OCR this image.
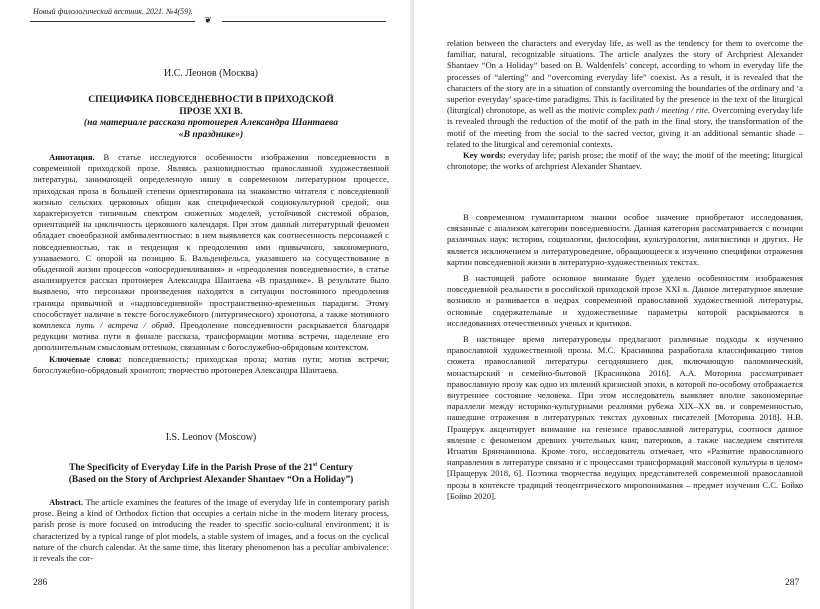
Новый филологический вестник. 2021. №4(59).
❦
И.С. Леонов (Москва)
СПЕЦИФИКА ПОВСЕДНЕВНОСТИ В ПРИХОДСКОЙ
ПРОЗЕ XXI В.
(на материале рассказа протоиерея Александра Шантаева
«В празднике»)

Аннотация. В статье исследуются особенности изображения повседневности в современной приходской прозе. Являясь разновидностью православной художественной литературы, занимающей определенную нишу в современном литературном процессе, приходская проза в большей степени ориентирована на знакомство читателя с повседневной жизнью сельских церковных общин как специфической социокультурной средой; она характеризуется типичным спектром сюжетных моделей, устойчивой системой образов, ориентацией на цикличность церковного календаря. При этом данный литературный феномен обладает своеобразной амбивалентностью: в нем выявляется как соотнесенность персонажей с повседневностью, так и тенденция к преодолению ими привычного, закономерного, узнаваемого. С опорой на позицию Б. Вальденфельса, указавшего на сосуществование в обыденной жизни процессов «опосредневливания» и «преодоления повседневности», в статье анализируется рассказ протоиерея Александра Шантаева «В празднике». В результате было выявлено, что персонажи произведения находятся в ситуации постоянного преодоления границы привычной и «надповседневной» пространственно-временных парадигм. Этому способствует наличие в тексте богослужебного (литургического) хронотопа, а также мотивного комплекса путь / встреча / обряд. Преодоление повседневности раскрывается благодаря редукции мотива пути в финале рассказа, трансформации мотива встречи, наделение его дополнительным смысловым оттенком, связанным с богослужебно-обрядовым контекстом.

Ключевые слова: повседневность; приходская проза; мотив пути; мотив встречи; богослужебно-обрядовый хронотоп; творчество протоиерея Александра Шантаева.

I.S. Leonov (Moscow)
The Specificity of Everyday Life in the Parish Prose of the 21st Century
(Based on the Story of Archpriest Alexander Shantaev “On a Holiday”)

Abstract. The article examines the features of the image of everyday life in contemporary parish prose. Being a kind of Orthodox fiction that occupies a certain niche in the modern literary process, parish prose is more focused on introducing the reader to specific socio-cultural environment; it is characterized by a typical range of plot models, a stable system of images, and a focus on the cyclical nature of the church calendar. At the same time, this literary phenomenon has a peculiar ambivalence: it reveals the cor-

286

relation between the characters and everyday life, as well as the tendency for them to overcome the familiar, natural, recognizable situations. The article analyzes the story of Archpriest Alexander Shantaev “On a Holiday” based on B. Waldenfels’ concept, according to whom in everyday life the processes of “alerting” and “overcoming everyday life” coexist. As a result, it is revealed that the characters of the story are in a situation of constantly overcoming the boundaries of the ordinary and ‘a superior everyday’ space-time paradigms. This is facilitated by the presence in the text of the liturgical (liturgical) chronotope, as well as the motivic complex path / meeting / rite. Overcoming everyday life is revealed through the reduction of the motif of the path in the final story, the transformation of the motif of the meeting from the social to the sacred vector, giving it an additional semantic shade – related to the liturgical and ceremonial contexts.

Key words: everyday life; parish prose; the motif of the way; the motif of the meeting; liturgical chronotope; the works of archpriest Alexander Shantaev.

В современном гуманитарном знании особое значение приобретают исследования, связанные с анализом категории повседневности. Данная категория рассматривается с позиции различных наук: истории, социологии, философии, культурологии, лингвистики и других. Не является исключением и литературоведение, обращающееся к изучению специфики отражения картин повседневной жизни в литературно-художественных текстах.

В настоящей работе основное внимание будет уделено особенностям изображения повседневной реальности в российской приходской прозе XXI в. Данное литературное явление возникло и развивается в недрах современной православной художественной литературы, основные содержательные и художественные параметры которой раскрываются в исследованиях отечественных ученых и критиков.

В настоящее время литературоведы предлагают различные подходы к изучению православной художественной прозы. М.С. Красникова разработала классификацию типов сюжета православной литературы сегодняшнего дня, включающую паломнический, монастырский и семейно-бытовой [Красникова 2016]. А.А. Моторина рассматривает православную прозу как одно из явлений кризисной эпохи, в которой по-особому отображается внутреннее состояние человека. При этом исследователь выявляет вполне закономерные параллели между историко-культурными реалиями рубежа XIX–XX вв. и современностью, нашедшие отражения в литературных текстах духовных писателей [Моторина 2018]. Н.В. Пращерук акцентирует внимание на генезисе православной литературы, соотнося данное явление с феноменом древних учительных книг, патериков, а также наследием святителя Игнатия Брянчанинова. Кроме того, исследователь отмечает, что «Развитие православного направления в литературе связано и с процессами трансформаций массовой культуры в целом» [Пращерук 2018, 6]. Поэтика творчества ведущих представителей современной православной прозы в контексте традиций теоцентрического миропонимания – предмет изучения С.С. Бойко [Бойко 2020].

287
